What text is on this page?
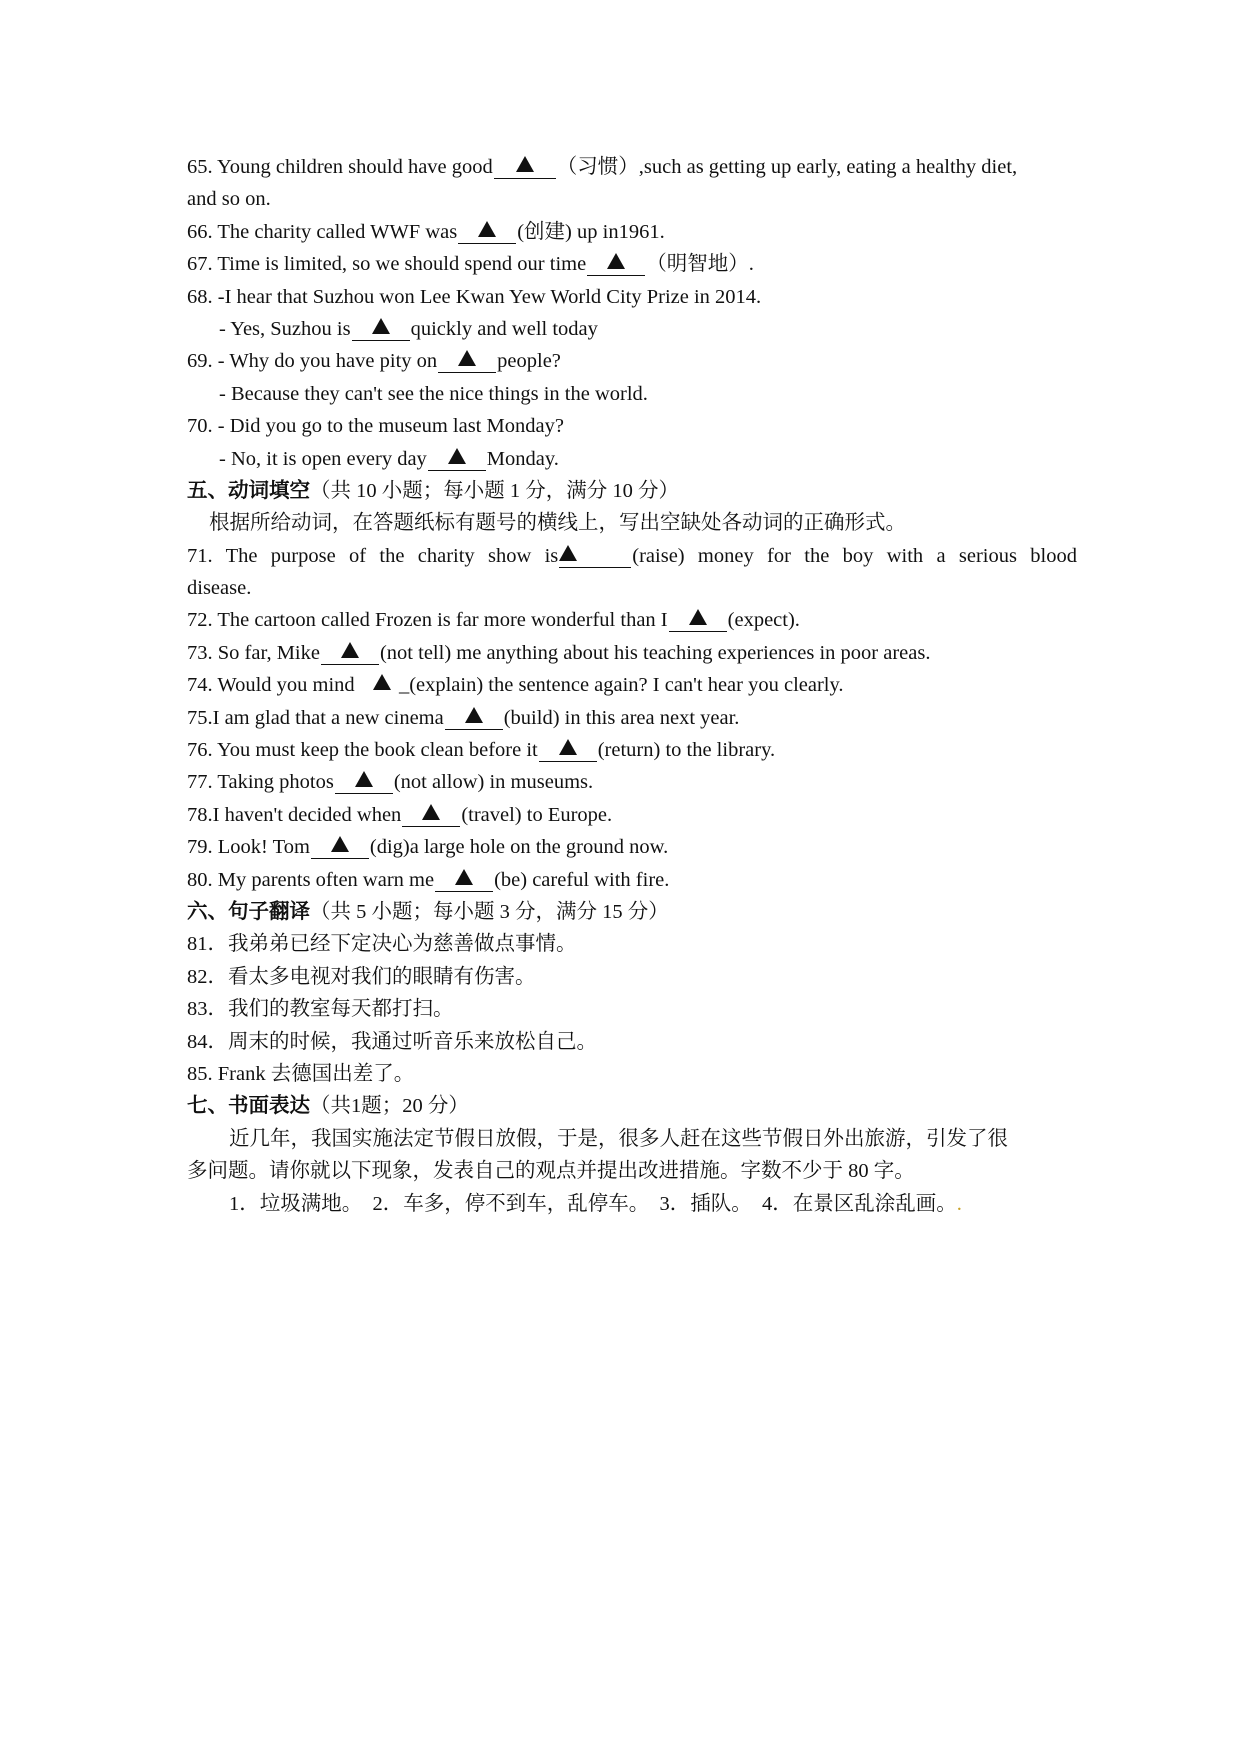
65. Young children should have good	（习惯）,such as getting up early, eating a healthy diet,
and so on.
66. The charity called WWF was	(创建) up in1961.
67. Time is limited, so we should spend our time	（明智地）.
68. -I hear that Suzhou won Lee Kwan Yew World City Prize in 2014.
- Yes, Suzhou is	quickly and well today
69. - Why do you have pity on	people?
- Because they can't see the nice things in the world.
70. - Did you go to the museum last Monday?
- No, it is open every day	Monday.
五、动词填空（共 10 小题；每小题 1 分，满分 10 分）
根据所给动词，在答题纸标有题号的横线上，写出空缺处各动词的正确形式。
71. The purpose of the charity show is	(raise) money for the boy with a serious blood
disease.
72. The cartoon called Frozen is far more wonderful than I	(expect).
73. So far, Mike	(not tell) me anything about his teaching experiences in poor areas.
74. Would you mind _(explain) the sentence again? I can't hear you clearly.
75.I am glad that a new cinema	(build) in this area next year.
76. You must keep the book clean before it	(return) to the library.
77. Taking photos	(not allow) in museums.
78.I haven't decided when	(travel) to Europe.
79. Look! Tom	(dig)a large hole on the ground now.
80. My parents often warn me	(be) careful with fire.
六、句子翻译（共 5 小题；每小题 3 分，满分 15 分）
81．我弟弟已经下定决心为慈善做点事情。
82．看太多电视对我们的眼睛有伤害。
83．我们的教室每天都打扫。
84．周末的时候，我通过听音乐来放松自己。
85. Frank 去德国出差了。
七、书面表达（共1题；20 分）
近几年，我国实施法定节假日放假，于是，很多人赶在这些节假日外出旅游，引发了很
多问题。请你就以下现象，发表自己的观点并提出改进措施。字数不少于 80 字。
1．垃圾满地。　2．车多，停不到车，乱停车。　3．插队。　4．在景区乱涂乱画。.
